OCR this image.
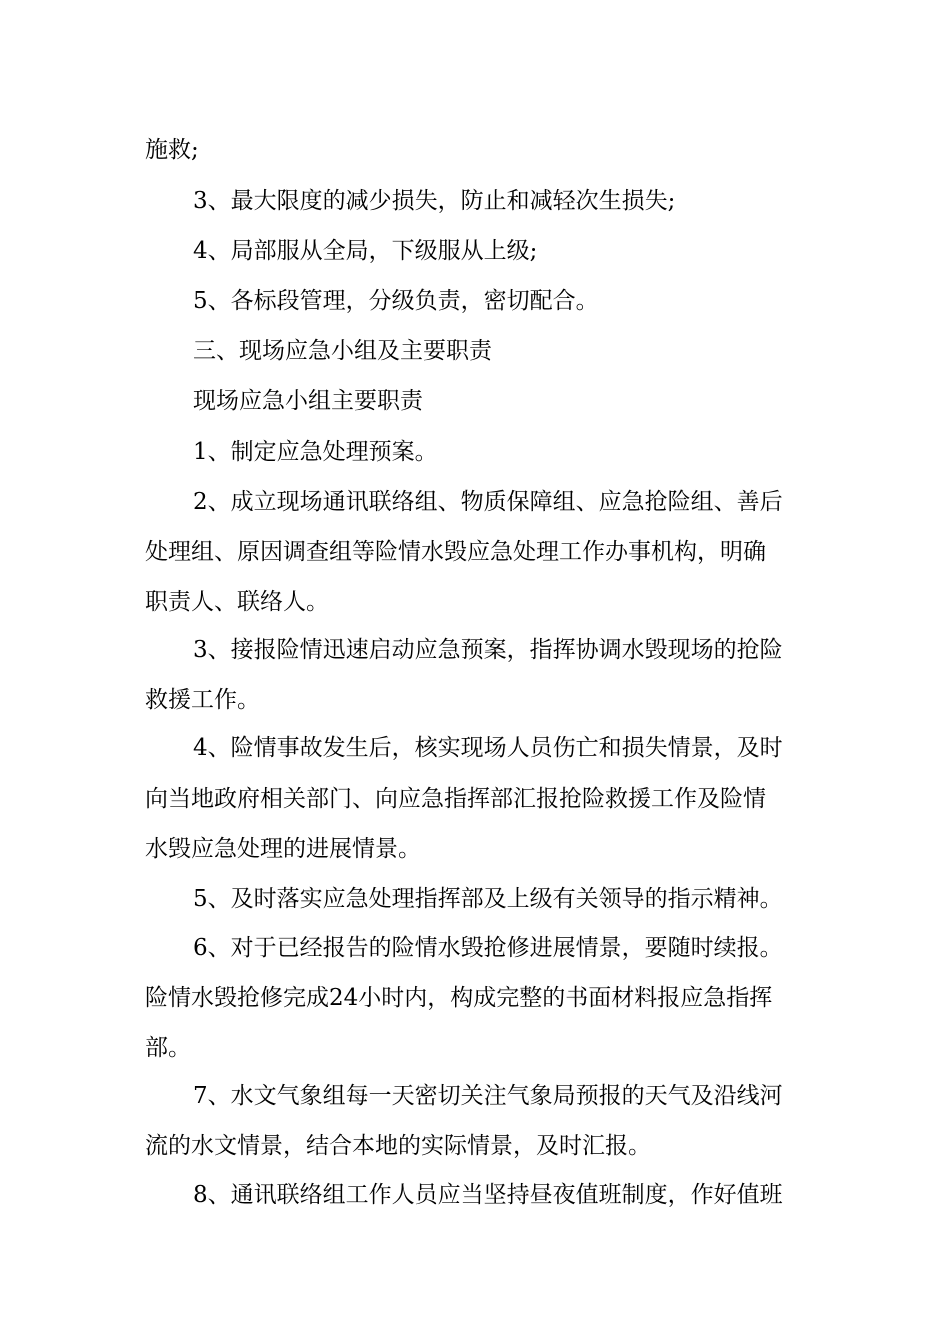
施救;
3、最大限度的减少损失，防止和减轻次生损失;
4、局部服从全局，下级服从上级;
5、各标段管理，分级负责，密切配合。
三、现场应急小组及主要职责
现场应急小组主要职责
1、制定应急处理预案。
2、成立现场通讯联络组、物质保障组、应急抢险组、善后
处理组、原因调查组等险情水毁应急处理工作办事机构，明确
职责人、联络人。
3、接报险情迅速启动应急预案，指挥协调水毁现场的抢险
救援工作。
4、险情事故发生后，核实现场人员伤亡和损失情景，及时
向当地政府相关部门、向应急指挥部汇报抢险救援工作及险情
水毁应急处理的进展情景。
5、及时落实应急处理指挥部及上级有关领导的指示精神。
6、对于已经报告的险情水毁抢修进展情景，要随时续报。
险情水毁抢修完成24小时内，构成完整的书面材料报应急指挥
部。
7、水文气象组每一天密切关注气象局预报的天气及沿线河
流的水文情景，结合本地的实际情景，及时汇报。
8、通讯联络组工作人员应当坚持昼夜值班制度，作好值班
